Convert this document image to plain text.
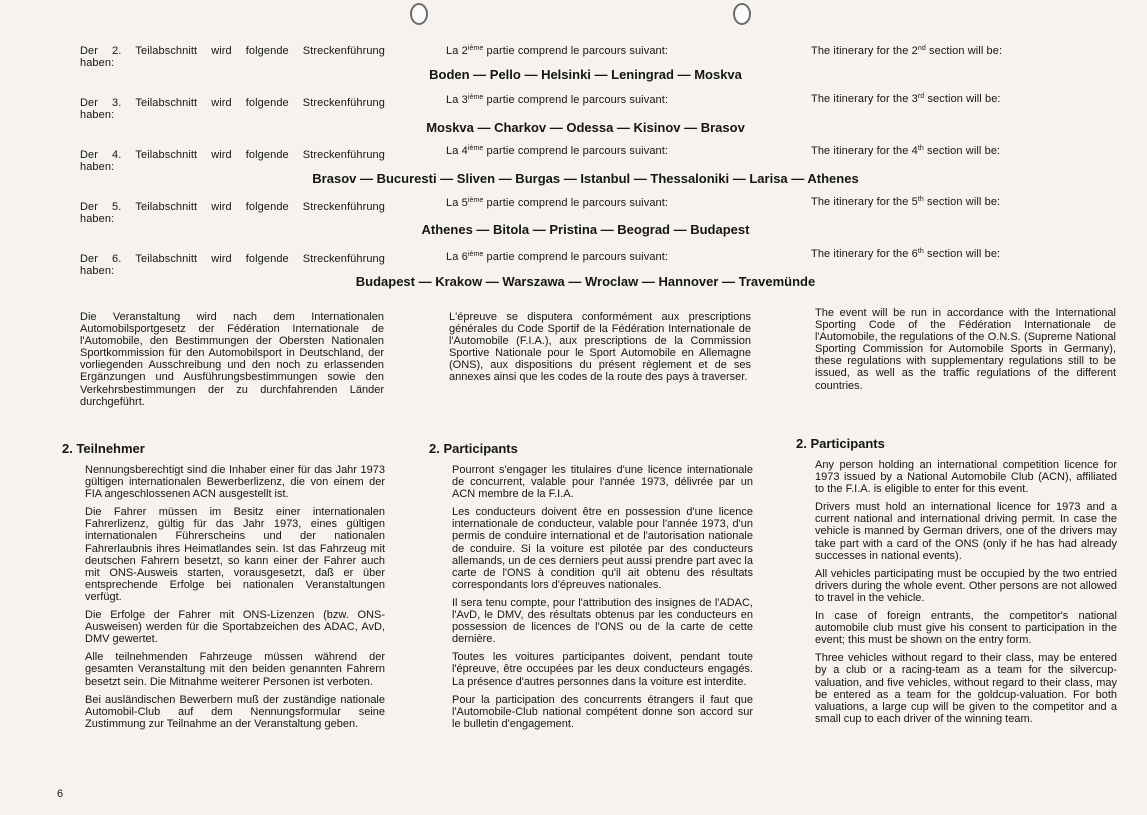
Der 2. Teilabschnitt wird folgende Streckenführung
haben:

La 2ième partie comprend le parcours suivant:	The itinerary for the 2nd section will be:

Boden — Pello — Helsinki — Leningrad — Moskva

Der 3. Teilabschnitt wird folgende Streckenführung
haben:

La 3ième partie comprend le parcours suivant:	The itinerary for the 3rd section will be:

Moskva — Charkov — Odessa — Kisinov — Brasov

Der 4. Teilabschnitt wird folgende Streckenführung
haben:

La 4ième partie comprend le parcours suivant:	The itinerary for the 4th section will be:

Brasov — Bucuresti — Sliven — Burgas — Istanbul — Thessaloniki — Larisa — Athenes

Der 5. Teilabschnitt wird folgende Streckenführung
haben:

La 5ième partie comprend le parcours suivant:	The itinerary for the 5th section will be:

Athenes — Bitola — Pristina — Beograd — Budapest

Der 6. Teilabschnitt wird folgende Streckenführung
haben:

La 6ième partie comprend le parcours suivant:	The itinerary for the 6th section will be:

Budapest — Krakow — Warszawa — Wroclaw — Hannover — Travemünde

Die Veranstaltung wird nach dem Internationalen Automobilsportgesetz der Fédération Internationale de l'Automobile, den Bestimmungen der Obersten Nationalen Sportkommission für den Automobilsport in Deutschland, der vorliegenden Ausschreibung und den noch zu erlassenden Ergänzungen und Ausführungsbestimmungen sowie den Verkehrsbestimmungen der zu durchfahrenden Länder durchgeführt.

L'épreuve se disputera conformément aux prescriptions générales du Code Sportif de la Fédération Internationale de l'Automobile (F.I.A.), aux prescriptions de la Commission Sportive Nationale pour le Sport Automobile en Allemagne (ONS), aux dispositions du présent règlement et de ses annexes ainsi que les codes de la route des pays à traverser.

The event will be run in accordance with the International Sporting Code of the Fédération Internationale de l'Automobile, the regulations of the O.N.S. (Supreme National Sporting Commission for Automobile Sports in Germany), these regulations with supplementary regulations still to be issued, as well as the traffic regulations of the different countries.

2. Teilnehmer

Nennungsberechtigt sind die Inhaber einer für das Jahr 1973 gültigen internationalen Bewerberlizenz, die von einem der FIA angeschlossenen ACN ausgestellt ist.

Die Fahrer müssen im Besitz einer internationalen Fahrerlizenz, gültig für das Jahr 1973, eines gültigen internationalen Führerscheins und der nationalen Fahrerlaubnis ihres Heimatlandes sein. Ist das Fahrzeug mit deutschen Fahrern besetzt, so kann einer der Fahrer auch mit ONS-Ausweis starten, vorausgesetzt, daß er über entsprechende Erfolge bei nationalen Veranstaltungen verfügt.

Die Erfolge der Fahrer mit ONS-Lizenzen (bzw. ONS-Ausweisen) werden für die Sportabzeichen des ADAC, AvD, DMV gewertet.

Alle teilnehmenden Fahrzeuge müssen während der gesamten Veranstaltung mit den beiden genannten Fahrern besetzt sein. Die Mitnahme weiterer Personen ist verboten.

Bei ausländischen Bewerbern muß der zuständige nationale Automobil-Club auf dem Nennungsformular seine Zustimmung zur Teilnahme an der Veranstaltung geben.

2. Participants

Pourront s'engager les titulaires d'une licence internationale de concurrent, valable pour l'année 1973, délivrée par un ACN membre de la F.I.A.

Les conducteurs doivent être en possession d'une licence internationale de conducteur, valable pour l'année 1973, d'un permis de conduire international et de l'autorisation nationale de conduire. Si la voiture est pilotée par des conducteurs allemands, un de ces derniers peut aussi prendre part avec la carte de l'ONS à condition qu'il ait obtenu des résultats correspondants lors d'épreuves nationales.

Il sera tenu compte, pour l'attribution des insignes de l'ADAC, l'AvD, le DMV, des résultats obtenus par les conducteurs en possession de licences de l'ONS ou de la carte de cette dernière.

Toutes les voitures participantes doivent, pendant toute l'épreuve, être occupées par les deux conducteurs engagés. La présence d'autres personnes dans la voiture est interdite.

Pour la participation des concurrents étrangers il faut que l'Automobile-Club national compétent donne son accord sur le bulletin d'engagement.

2. Participants

Any person holding an international competition licence for 1973 issued by a National Automobile Club (ACN), affiliated to the F.I.A. is eligible to enter for this event.

Drivers must hold an international licence for 1973 and a current national and international driving permit. In case the vehicle is manned by German drivers, one of the drivers may take part with a card of the ONS (only if he has had already successes in national events).

All vehicles participating must be occupied by the two entried drivers during the whole event. Other persons are not allowed to travel in the vehicle.

In case of foreign entrants, the competitor's national automobile club must give his consent to participation in the event; this must be shown on the entry form.

Three vehicles without regard to their class, may be entered by a club or a racing-team as a team for the silvercup-valuation, and five vehicles, without regard to their class, may be entered as a team for the goldcup-valuation. For both valuations, a large cup will be given to the competitor and a small cup to each driver of the winning team.

6
